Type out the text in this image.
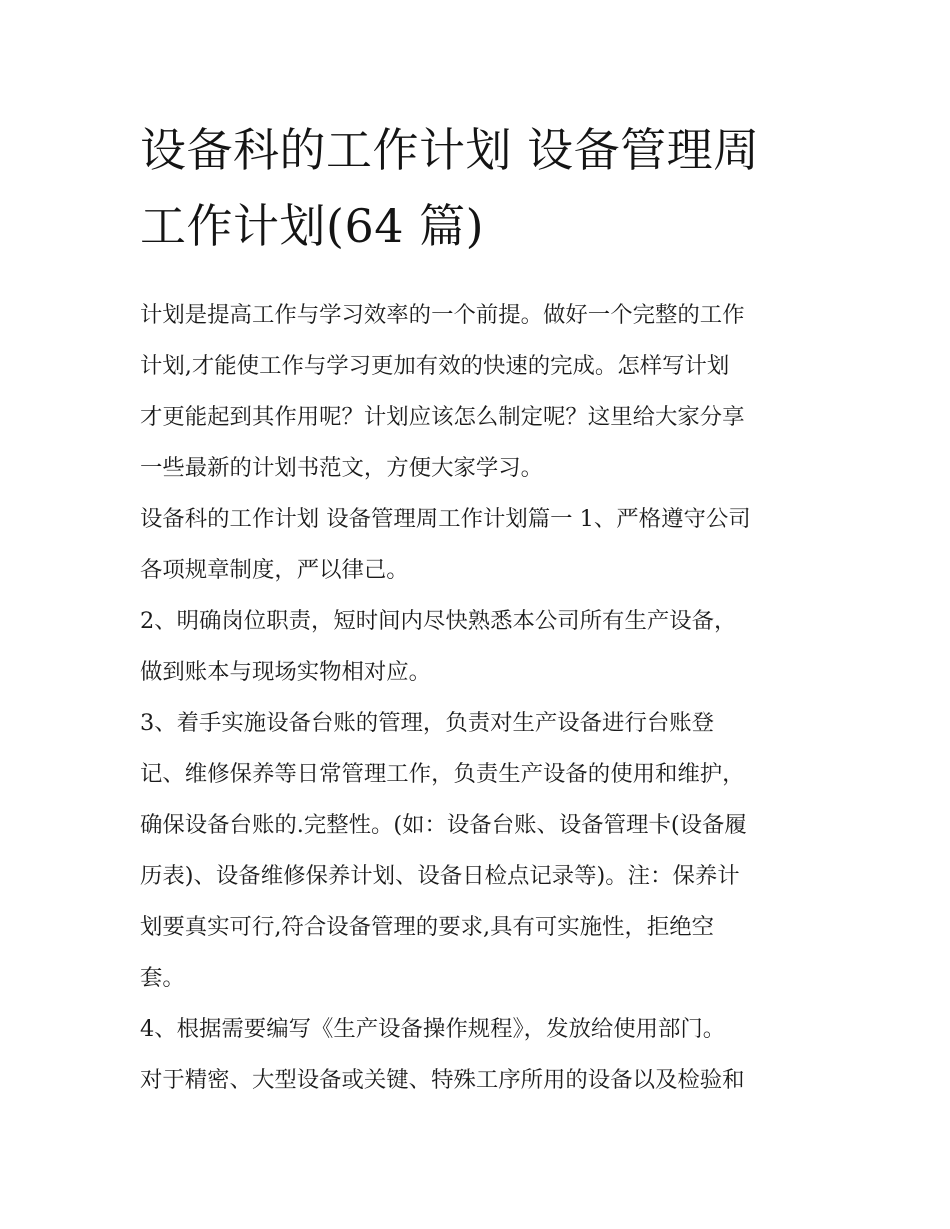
设备科的工作计划 设备管理周
工作计划(64 篇)

计划是提高工作与学习效率的一个前提。做好一个完整的工作
计划,才能使工作与学习更加有效的快速的完成。怎样写计划
才更能起到其作用呢？计划应该怎么制定呢？这里给大家分享
一些最新的计划书范文，方便大家学习。

设备科的工作计划 设备管理周工作计划篇一 1、严格遵守公司
各项规章制度，严以律己。

2、明确岗位职责，短时间内尽快熟悉本公司所有生产设备，
做到账本与现场实物相对应。

3、着手实施设备台账的管理，负责对生产设备进行台账登
记、维修保养等日常管理工作，负责生产设备的使用和维护，
确保设备台账的.完整性。(如：设备台账、设备管理卡(设备履
历表)、设备维修保养计划、设备日检点记录等)。注：保养计
划要真实可行,符合设备管理的要求,具有可实施性，拒绝空
套。

4、根据需要编写《生产设备操作规程》，发放给使用部门。
对于精密、大型设备或关键、特殊工序所用的设备以及检验和
